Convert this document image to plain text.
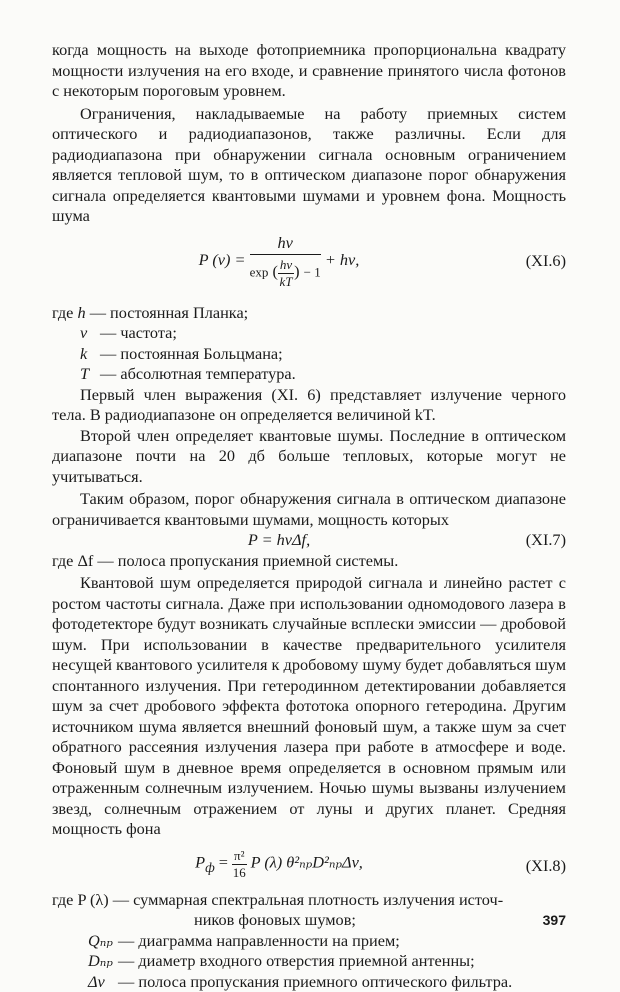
когда мощность на выходе фотоприемника пропорциональна квадрату мощности излучения на его входе, и сравнение принятого числа фотонов с некоторым пороговым уровнем.

Ограничения, накладываемые на работу приемных систем оптического и радиодиапазонов, также различны. Если для радиодиапазона при обнаружении сигнала основным ограничением является тепловой шум, то в оптическом диапазоне порог обнаружения сигнала определяется квантовыми шумами и уровнем фона. Мощность шума

P (ν) =
hν
exp ( $\frac{h\nu}{kT}$ ) − 1
+ hν,	(XI.6)
где h — постоянная Планка;
ν — частота;
k — постоянная Больцмана;
T — абсолютная температура.

Первый член выражения (XI. 6) представляет излучение черного тела. В радиодиапазоне он определяется величиной kT.

Второй член определяет квантовые шумы. Последние в оптическом диапазоне почти на 20 дб больше тепловых, которые могут не учитываться.

Таким образом, порог обнаружения сигнала в оптическом диапазоне ограничивается квантовыми шумами, мощность которых

P = hνΔf,	(XI.7)

где Δf — полоса пропускания приемной системы.

Квантовой шум определяется природой сигнала и линейно растет с ростом частоты сигнала. Даже при использовании одномодового лазера в фотодетекторе будут возникать случайные всплески эмиссии — дробовой шум. При использовании в качестве предварительного усилителя несущей квантового усилителя к дробовому шуму будет добавляться шум спонтанного излучения. При гетеродинном детектировании добавляется шум за счет дробового эффекта фототока опорного гетеродина. Другим источником шума является внешний фоновый шум, а также шум за счет обратного рассеяния излучения лазера при работе в атмосфере и воде. Фоновый шум в дневное время определяется в основном прямым или отраженным солнечным излучением. Ночью шумы вызваны излучением звезд, солнечным отражением от луны и других планет. Средняя мощность фона

$P_ф = \frac{\text{π²}}{16}$ P (λ) θ²ₙₚD²ₙₚΔν,	(XI.8)
где P (λ) — суммарная спектральная плотность излучения источ-
ников фоновых шумов;
Qₙₚ — диаграмма направленности на прием;
Dₙₚ — диаметр входного отверстия приемной антенны;
Δν — полоса пропускания приемного оптического фильтра.
397
